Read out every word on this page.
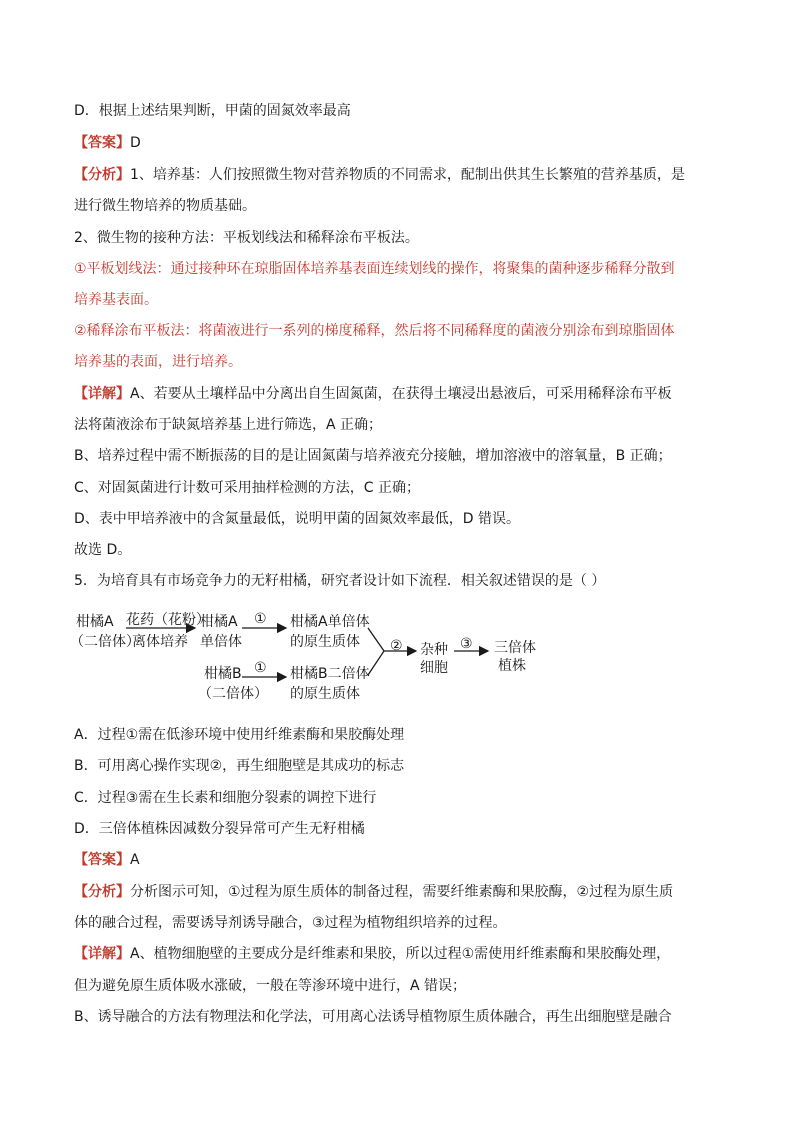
D．根据上述结果判断，甲菌的固氮效率最高
【答案】D
【分析】1、培养基：人们按照微生物对营养物质的不同需求，配制出供其生长繁殖的营养基质，是
进行微生物培养的物质基础。
2、微生物的接种方法：平板划线法和稀释涂布平板法。
①平板划线法：通过接种环在琼脂固体培养基表面连续划线的操作，将聚集的菌种逐步稀释分散到
培养基表面。
②稀释涂布平板法：将菌液进行一系列的梯度稀释，然后将不同稀释度的菌液分别涂布到琼脂固体
培养基的表面，进行培养。
【详解】A、若要从土壤样品中分离出自生固氮菌，在获得土壤浸出悬液后，可采用稀释涂布平板
法将菌液涂布于缺氮培养基上进行筛选，A 正确；
B、培养过程中需不断振荡的目的是让固氮菌与培养液充分接触，增加溶液中的溶氧量，B 正确；
C、对固氮菌进行计数可采用抽样检测的方法，C 正确；
D、表中甲培养液中的含氮量最低，说明甲菌的固氮效率最低，D 错误。
故选 D。
5．为培育具有市场竞争力的无籽柑橘，研究者设计如下流程．相关叙述错误的是（ ）
柑橘A
（二倍体）
花药（花粉）
离体培养
柑橘A
单倍体
① 柑橘A单倍体
的原生质体
柑橘B
（二倍体）
① 柑橘B二倍体
的原生质体
② 杂种
细胞
③ 三倍体
植株
A．过程①需在低渗环境中使用纤维素酶和果胶酶处理
B．可用离心操作实现②，再生细胞壁是其成功的标志
C．过程③需在生长素和细胞分裂素的调控下进行
D．三倍体植株因减数分裂异常可产生无籽柑橘
【答案】A
【分析】分析图示可知，①过程为原生质体的制备过程，需要纤维素酶和果胶酶，②过程为原生质
体的融合过程，需要诱导剂诱导融合，③过程为植物组织培养的过程。
【详解】A、植物细胞壁的主要成分是纤维素和果胶，所以过程①需使用纤维素酶和果胶酶处理，
但为避免原生质体吸水涨破，一般在等渗环境中进行，A 错误；
B、诱导融合的方法有物理法和化学法，可用离心法诱导植物原生质体融合，再生出细胞壁是融合
